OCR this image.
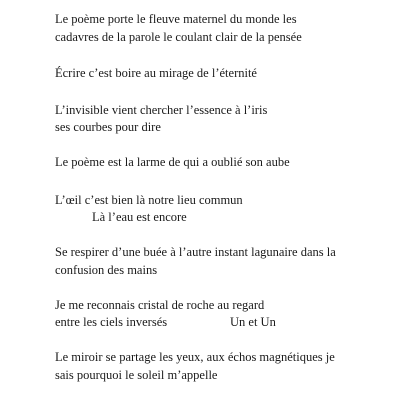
Le poème porte le fleuve maternel du monde les
cadavres de la parole le coulant clair de la pensée
Écrire c’est boire au mirage de l’éternité
L’invisible vient chercher l’essence à l’iris
ses courbes pour dire
Le poème est la larme de qui a oublié son aube
L’œil c’est bien là notre lieu commun
Là l’eau est encore
Se respirer d’une buée à l’autre instant lagunaire dans la
confusion des mains
Je me reconnais cristal de roche au regard
entre les ciels inversés	Un et Un
Le miroir se partage les yeux, aux échos magnétiques je
sais pourquoi le soleil m’appelle
